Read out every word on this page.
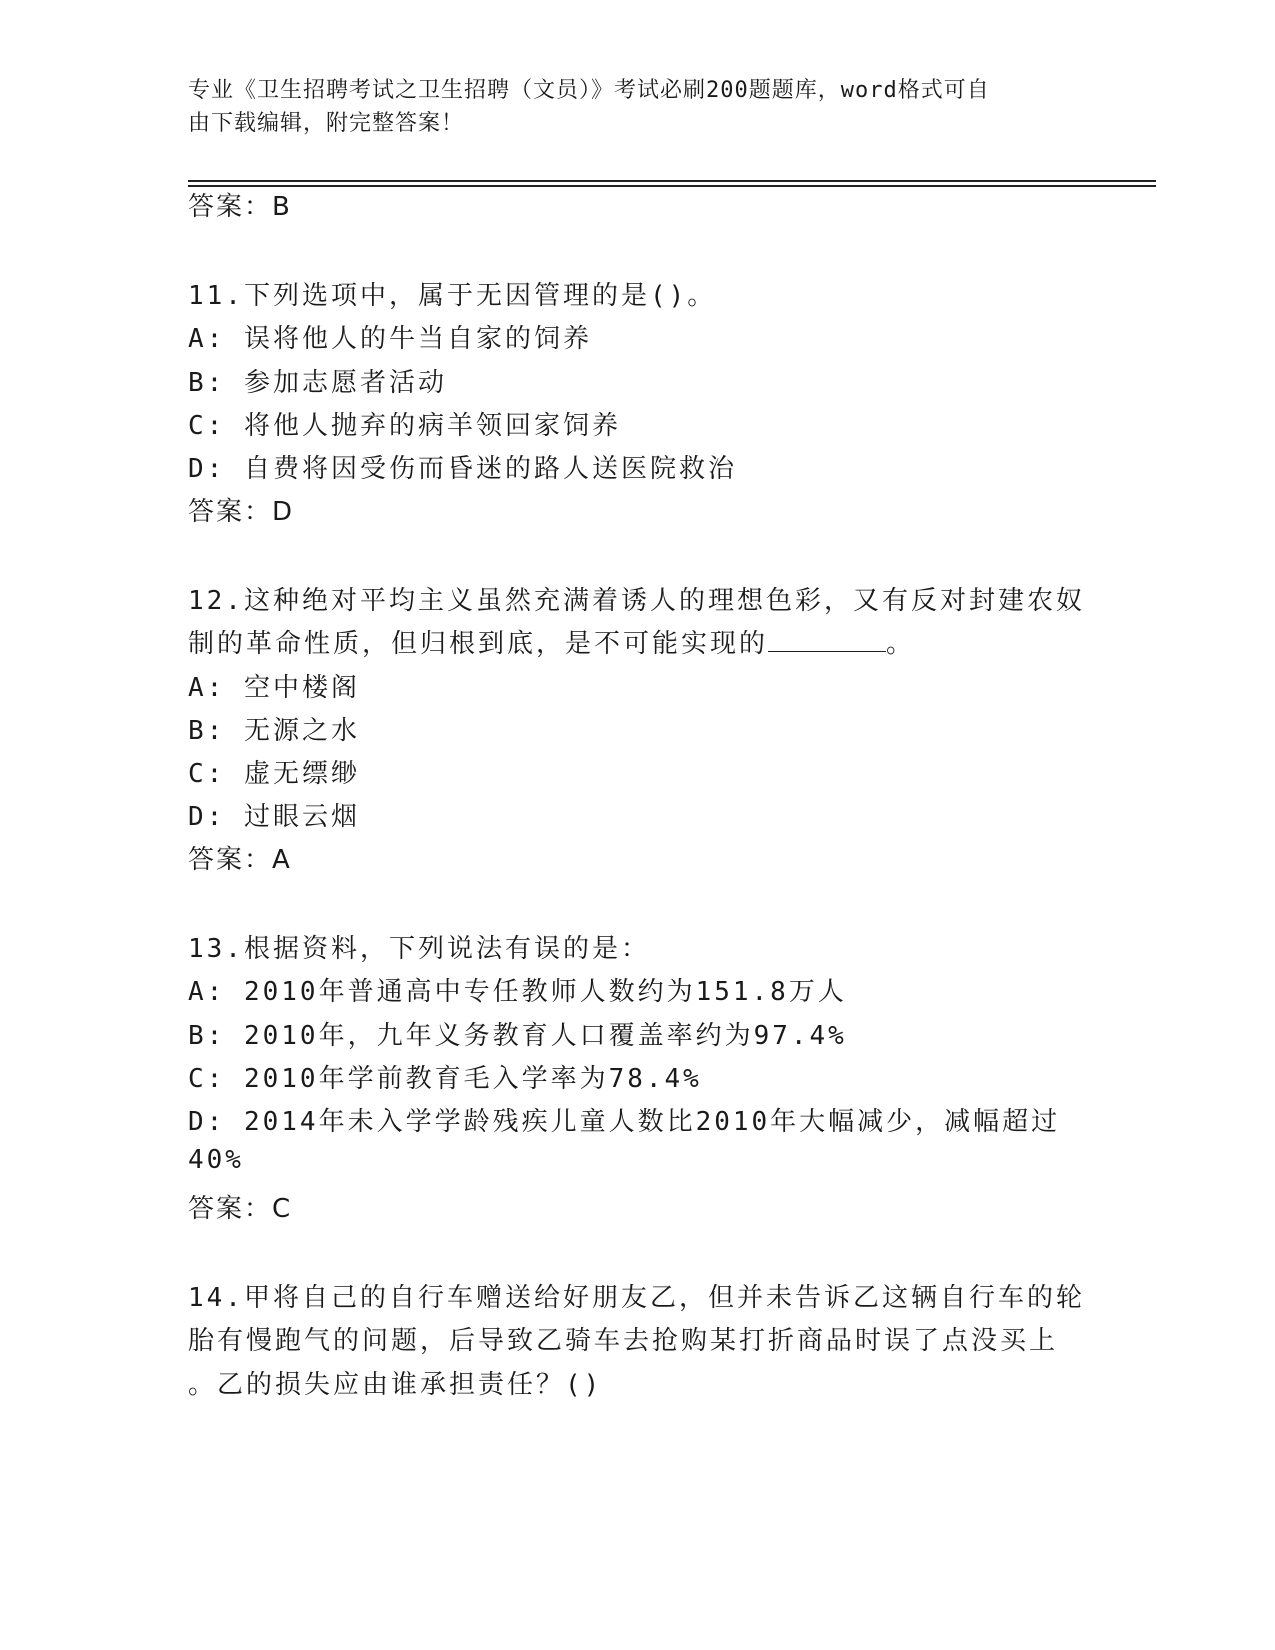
专业《卫生招聘考试之卫生招聘（文员）》考试必刷200题题库，word格式可自
由下载编辑，附完整答案！
答案：B
11.下列选项中，属于无因管理的是()。
A: 误将他人的牛当自家的饲养
B: 参加志愿者活动
C: 将他人抛弃的病羊领回家饲养
D: 自费将因受伤而昏迷的路人送医院救治
答案：D
12.这种绝对平均主义虽然充满着诱人的理想色彩，又有反对封建农奴
制的革命性质，但归根到底，是不可能实现的	。
A: 空中楼阁
B: 无源之水
C: 虚无缥缈
D: 过眼云烟
答案：A
13.根据资料，下列说法有误的是：
A: 2010年普通高中专任教师人数约为151.8万人
B: 2010年，九年义务教育人口覆盖率约为97.4%
C: 2010年学前教育毛入学率为78.4%
D: 2014年未入学学龄残疾儿童人数比2010年大幅减少，减幅超过
40%
答案：C
14.甲将自己的自行车赠送给好朋友乙，但并未告诉乙这辆自行车的轮
胎有慢跑气的问题，后导致乙骑车去抢购某打折商品时误了点没买上
。乙的损失应由谁承担责任？()
